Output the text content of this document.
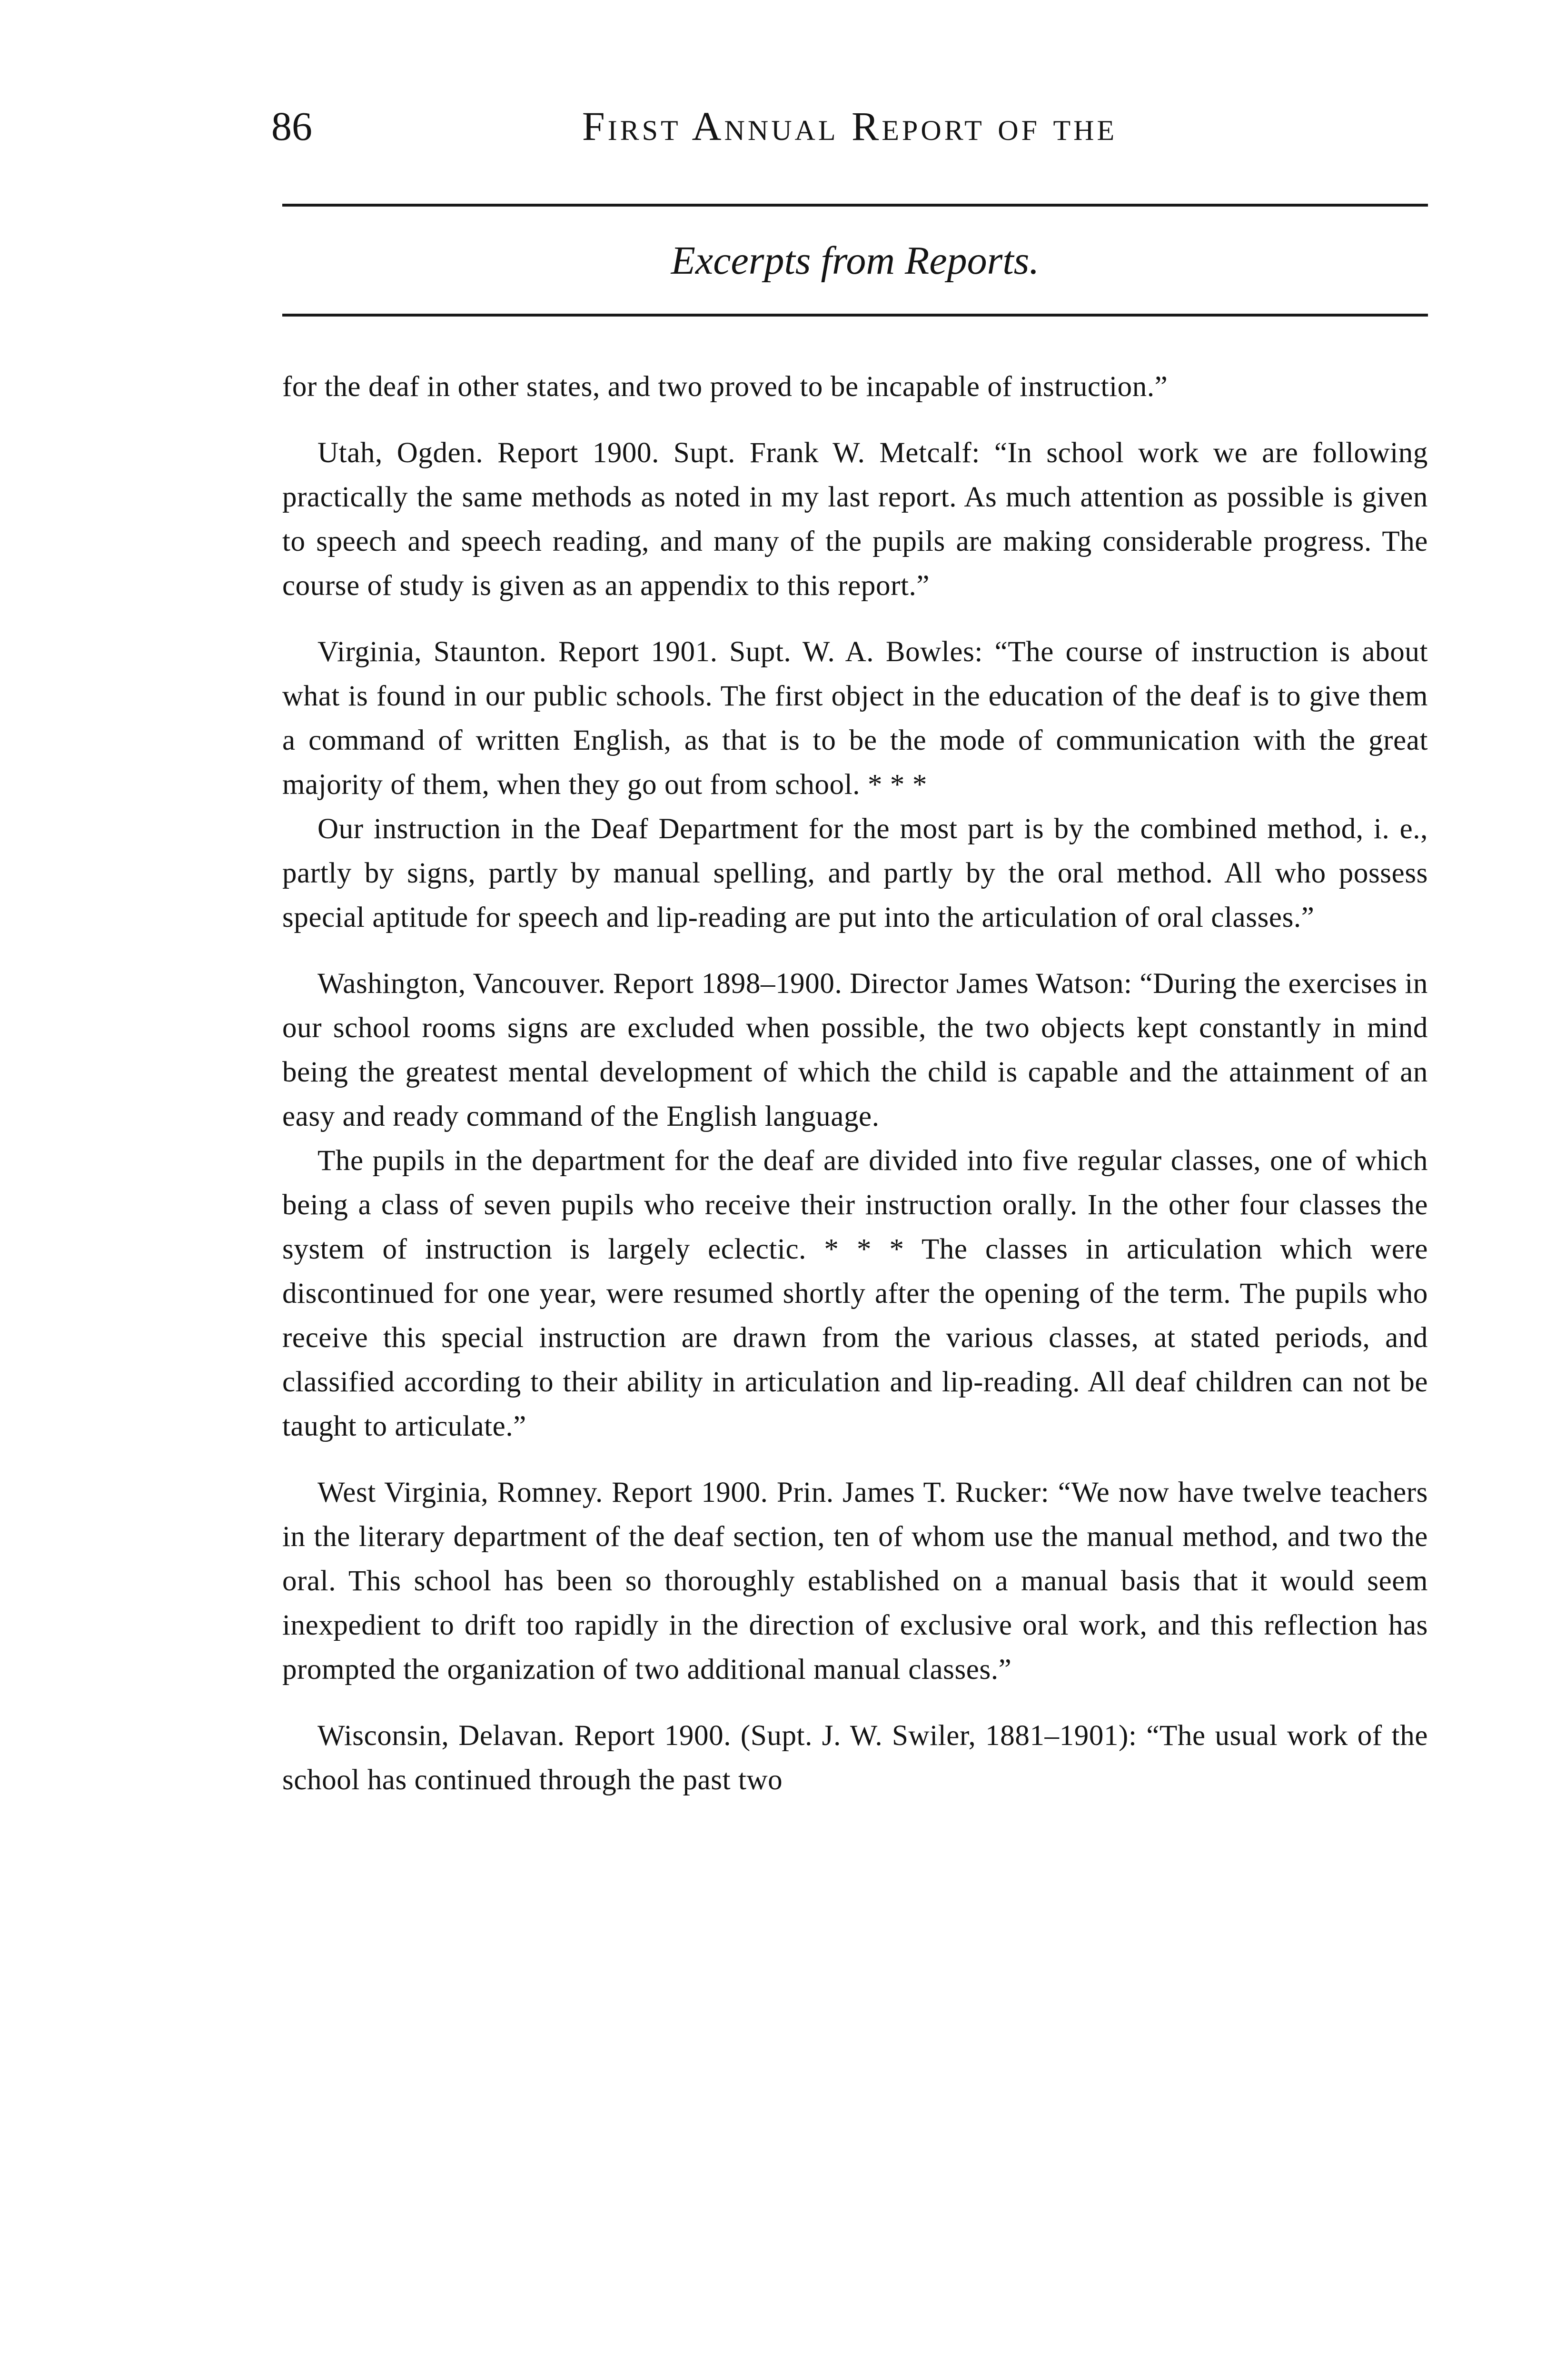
86	First Annual Report of the
Excerpts from Reports.

for the deaf in other states, and two proved to be incapable of instruction.”

Utah, Ogden. Report 1900. Supt. Frank W. Metcalf: “In school work we are following practically the same methods as noted in my last report. As much attention as possible is given to speech and speech reading, and many of the pupils are making considerable progress. The course of study is given as an appendix to this report.”

Virginia, Staunton. Report 1901. Supt. W. A. Bowles: “The course of instruction is about what is found in our public schools. The first object in the education of the deaf is to give them a command of written English, as that is to be the mode of communication with the great majority of them, when they go out from school. * * *

Our instruction in the Deaf Department for the most part is by the combined method, i. e., partly by signs, partly by manual spelling, and partly by the oral method. All who possess special aptitude for speech and lip-reading are put into the articulation of oral classes.”

Washington, Vancouver. Report 1898–1900. Director James Watson: “During the exercises in our school rooms signs are excluded when possible, the two objects kept constantly in mind being the greatest mental development of which the child is capable and the attainment of an easy and ready command of the English language.

The pupils in the department for the deaf are divided into five regular classes, one of which being a class of seven pupils who receive their instruction orally. In the other four classes the system of instruction is largely eclectic. * * * The classes in articulation which were discontinued for one year, were resumed shortly after the opening of the term. The pupils who receive this special instruction are drawn from the various classes, at stated periods, and classified according to their ability in articulation and lip-reading. All deaf children can not be taught to articulate.”

West Virginia, Romney. Report 1900. Prin. James T. Rucker: “We now have twelve teachers in the literary department of the deaf section, ten of whom use the manual method, and two the oral. This school has been so thoroughly established on a manual basis that it would seem inexpedient to drift too rapidly in the direction of exclusive oral work, and this reflection has prompted the organization of two additional manual classes.”

Wisconsin, Delavan. Report 1900. (Supt. J. W. Swiler, 1881–1901): “The usual work of the school has continued through the past two
